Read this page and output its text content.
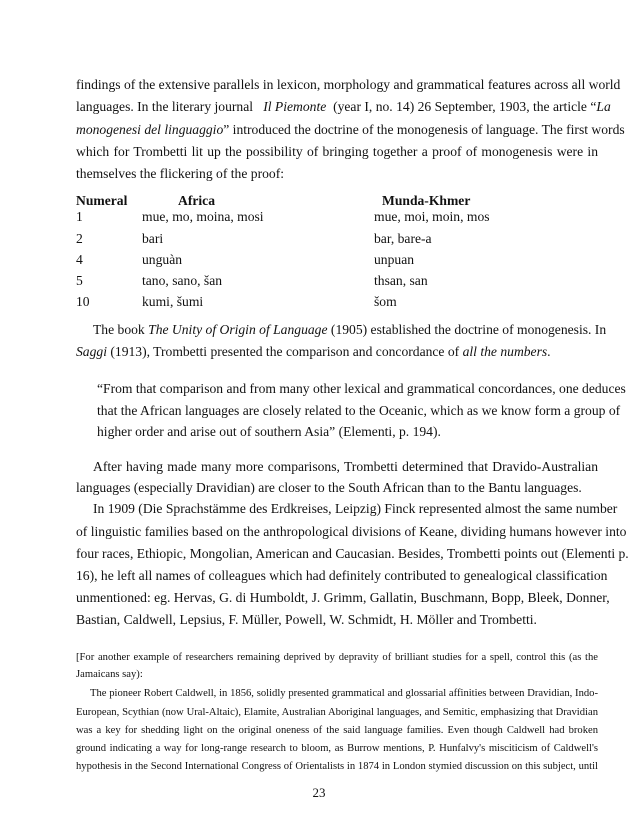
findings of the extensive parallels in lexicon, morphology and grammatical features across all world
languages. In the literary journal Il Piemonte (year I, no. 14) 26 September, 1903, the article “La
monogenesi del linguaggio” introduced the doctrine of the monogenesis of language. The first words
which for Trombetti lit up the possibility of bringing together a proof of monogenesis were in
themselves the flickering of the proof:
Numeral	Africa	Munda-Khmer
1	mue, mo, moina, mosi	mue, moi, moin, mos
2	bari	bar, bare-a
4	unguàn	unpuan
5	tano, sano, šan	thsan, san
10	kumi, šumi	šom
The book The Unity of Origin of Language (1905) established the doctrine of monogenesis. In
Saggi (1913), Trombetti presented the comparison and concordance of all the numbers.
“From that comparison and from many other lexical and grammatical concordances, one deduces
that the African languages are closely related to the Oceanic, which as we know form a group of
higher order and arise out of southern Asia” (Elementi, p. 194).
After having made many more comparisons, Trombetti determined that Dravido-Australian
languages (especially Dravidian) are closer to the South African than to the Bantu languages.
In 1909 (Die Sprachstämme des Erdkreises, Leipzig) Finck represented almost the same number
of linguistic families based on the anthropological divisions of Keane, dividing humans however into
four races, Ethiopic, Mongolian, American and Caucasian. Besides, Trombetti points out (Elementi p.
16), he left all names of colleagues which had definitely contributed to genealogical classification
unmentioned: eg. Hervas, G. di Humboldt, J. Grimm, Gallatin, Buschmann, Bopp, Bleek, Donner,
Bastian, Caldwell, Lepsius, F. Müller, Powell, W. Schmidt, H. Möller and Trombetti.
[For another example of researchers remaining deprived by depravity of brilliant studies for a spell, control this (as the
Jamaicans say):
The pioneer Robert Caldwell, in 1856, solidly presented grammatical and glossarial affinities between Dravidian, Indo-
European, Scythian (now Ural-Altaic), Elamite, Australian Aboriginal languages, and Semitic, emphasizing that Dravidian
was a key for shedding light on the original oneness of the said language families. Even though Caldwell had broken
ground indicating a way for long-range research to bloom, as Burrow mentions, P. Hunfalvy's misciticism of Caldwell's
hypothesis in the Second International Congress of Orientalists in 1874 in London stymied discussion on this subject, until
23
